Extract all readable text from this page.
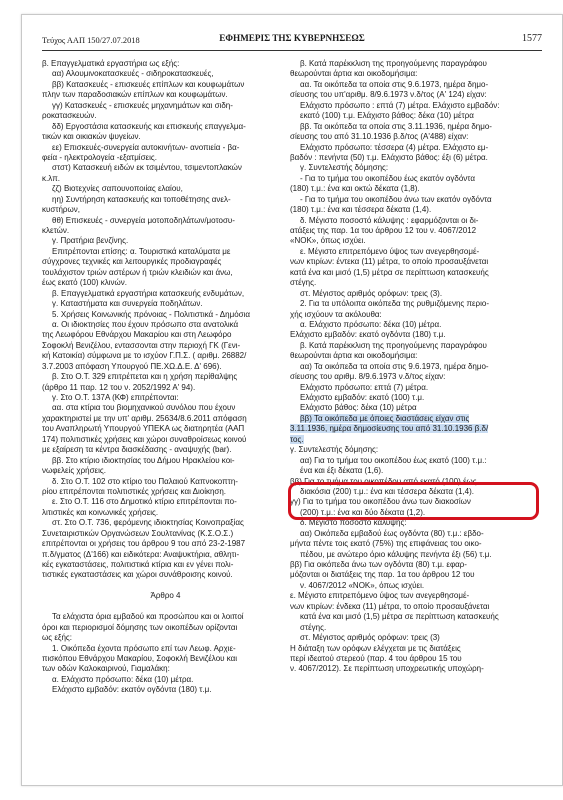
Τεύχος ΑΑΠ 150/27.07.2018	ΕΦΗΜΕΡΙΣ ΤΗΣ ΚΥΒΕΡΝΗΣΕΩΣ	1577
β. Επαγγελματικά εργαστήρια ως εξής:
αα) Αλουμινοκατασκευές - σιδηροκατασκευές,
ββ) Κατασκευές - επισκευές επίπλων και κουφωμάτων
πλην των παραδοσιακών επίπλων και κουφωμάτων.
γγ) Κατασκευές - επισκευές μηχανημάτων και σιδη-
ροκατασκευών.
δδ) Εργοστάσια κατασκευής και επισκευής επαγγελμα-
τικών και οικιακών ψυγείων.
εε) Επισκευές-συνεργεία αυτοκινήτων- ανοπιεία - βα-
φεία - ηλεκτρολογεία -εξατμίσεις.
στστ) Κατασκευή ειδών εκ τσιμέντου, τσιμεντοπλακών
κ.λπ.
ζζ) Βιοτεχνίες σαπουνοποιίας ελαίου,
ηη) Συντήρηση κατασκευής και τοποθέτησης ανελ-
κυστήρων,
θθ) Επισκευές - συνεργεία μοτοποδηλάτων/μοτοσυ-
κλετών.
γ. Πρατήρια βενζίνης.
Επιτρέπονται επίσης: α. Τουριστικά καταλύματα με
σύγχρονες τεχνικές και λειτουργικές προδιαγραφές
τουλάχιστον τριών αστέρων ή τριών κλειδιών και άνω,
έως εκατό (100) κλινών.
β. Επαγγελματικά εργαστήρια κατασκευής ενδυμάτων,
γ. Καταστήματα και συνεργεία ποδηλάτων.
5. Χρήσεις Κοινωνικής πρόνοιας - Πολιτιστικά - Δημόσια
α. Οι ιδιοκτησίες που έχουν πρόσωπο στα ανατολικά
της Λεωφόρου Εθνάρχου Μακαρίου και στη Λεωφόρο
Σοφοκλή Βενιζέλου, εντασσονται στην περιοχή ΓΚ (Γενι-
κή Κατοικία) σύμφωνα με το ισχύον Γ.Π.Σ. ( αριθμ. 26882/
3.7.2003 απόφαση Υπουργού ΠΕ.ΧΩ.Δ.Ε. Δ' 696).
β. Στο Ο.Τ. 329 επιτρέπεται και η χρήση περίθαλψης
(άρθρο 11 παρ. 12 του ν. 2052/1992 Α' 94).
γ. Στο Ο.Τ. 137Α (ΚΦ) επιτρέπονται:
αα. στα κτίρια του βιομηχανικού συνόλου που έχουν
χαρακτηριστεί με την υπ' αριθμ. 25634/8.6.2011 απόφαση
του Αναπληρωτή Υπουργού ΥΠΕΚΑ ως διατηρητέα (ΑΑΠ
174) πολιτιστικές χρήσεις και χώροι συναθροίσεως κοινού
με εξαίρεση τα κέντρα διασκέδασης - αναψυχής (bar).
ββ. Στο κτίριο ιδιοκτησίας του Δήμου Ηρακλείου κοι-
νωφελείς χρήσεις.
δ. Στο Ο.Τ. 102 στο κτίριο του Παλαιού Καπνοκοπτη-
ρίου επιτρέπονται πολιτιστικές χρήσεις και Διοίκηση.
ε. Στο Ο.Τ. 116 στο Δημοτικό κτίριο επιτρέπονται πο-
λιτιστικές και κοινωνικές χρήσεις.
στ. Στο Ο.Τ. 736, φερόμενης ιδιοκτησίας Κοινοπραξίας
Συνεταιριστικών Οργανώσεων Σουλτανίνας (Κ.Σ.Ο.Σ.)
επιτρέπονται οι χρήσεις του άρθρου 9 του από 23-2-1987
π.δ/γματος (Δ'166) και ειδικότερα: Αναψυκτήρια, αθλητι-
κές εγκαταστάσεις, πολιτιστικά κτίρια και εν γένει πολι-
τιστικές εγκαταστάσεις και χώροι συνάθροισης κοινού.
Άρθρο 4
Τα ελάχιστα όρια εμβαδού και προσώπου και οι λοιποί
όροι και περιορισμοί δόμησης των οικοπέδων ορίζονται
ως εξής:
1. Οικόπεδα έχοντα πρόσωπο επί των Λεωφ. Αρχιε-
πισκόπου Εθνάρχου Μακαρίου, Σοφοκλή Βενιζέλου και
των οδών Καλοκαιρινού, Γιαμαλάκη:
α. Ελάχιστο πρόσωπο: δέκα (10) μέτρα.
Ελάχιστο εμβαδόν: εκατόν ογδόντα (180) τ.μ.
β. Κατά παρέκκλιση της προηγούμενης παραγράφου
θεωρούνται άρτια και οικοδομήσιμα:
αα. Τα οικόπεδα τα οποία στις 9.6.1973, ημέρα δημο-
σίευσης του υπ'αριθμ. 8/9.6.1973 ν.δ/τος (Α' 124) είχαν:
Ελάχιστο πρόσωπο : επτά (7) μέτρα. Ελάχιστο εμβαδόν:
εκατό (100) τ.μ. Ελάχιστο βάθος: δέκα (10) μέτρα
ββ. Τα οικόπεδα τα οποία στις 3.11.1936, ημέρα δημο-
σίευσης του από 31.10.1936 β.δ/τος (Α'488) είχαν:
Ελάχιστο πρόσωπο: τέσσερα (4) μέτρα. Ελάχιστο εμ-
βαδόν : πενήντα (50) τ.μ. Ελάχιστο βάθος: έξι (6) μέτρα.
γ. Συντελεστής δόμησης:
- Για το τμήμα του οικοπέδου έως εκατόν ογδόντα
(180) τ.μ.: ένα και οκτώ δέκατα (1,8).
- Για το τμήμα του οικοπέδου άνω των εκατόν ογδόντα
(180) τ.μ.: ένα και τέσσερα δέκατα (1,4).
δ. Μέγιστο ποσοστό κάλυψης : εφαρμόζονται οι δι-
ατάξεις της παρ. 1α του άρθρου 12 του ν. 4067/2012
«ΝΟΚ», όπως ισχύει.
ε. Μέγιστο επιτρεπόμενο ύψος των ανεγερθησομέ-
νων κτιρίων: έντεκα (11) μέτρα, το οποίο προσαυξάνεται
κατά ένα και μισό (1,5) μέτρα σε περίπτωση κατασκευής
στέγης.
στ. Μέγιστος αριθμός ορόφων: τρεις (3).
2. Για τα υπόλοιπα οικόπεδα της ρυθμιζόμενης περιο-
χής ισχύουν τα ακόλουθα:
α. Ελάχιστο πρόσωπο: δέκα (10) μέτρα.
Ελάχιστο εμβαδόν: εκατό ογδόντα (180) τ.μ.
β. Κατά παρέκκλιση της προηγούμενης παραγράφου
θεωρούνται άρτια και οικοδομήσιμα:
αα) Τα οικόπεδα τα οποία στις 9.6.1973, ημέρα δημο-
σίευσης του αριθμ. 8/9.6.1973 ν.δ/τος είχαν:
Ελάχιστο πρόσωπο: επτά (7) μέτρα.
Ελάχιστο εμβαδόν: εκατό (100) τ.μ.
Ελάχιστο βάθος: δέκα (10) μέτρα
ββ) Τα οικόπεδα με όποιες διαστάσεις είχαν στις
3.11.1936, ημέρα δημοσίευσης του από 31.10.1936 β.δ/
τος.
γ. Συντελεστής δόμησης:
αα) Για το τμήμα του οικοπέδου έως εκατό (100) τ.μ.:
ένα και έξι δέκατα (1,6).
ββ) Για το τμήμα του οικοπέδου από εκατό (100) έως
διακόσια (200) τ.μ.: ένα και τέσσερα δέκατα (1,4).
γγ) Για το τμήμα του οικοπέδου άνω των διακοσίων
(200) τ.μ.: ένα και δύο δέκατα (1,2).
δ. Μέγιστο ποσοστό κάλυψης:
αα) Οικόπεδα εμβαδού έως ογδόντα (80) τ.μ.: εβδο-
μήντα πέντε τοις εκατό (75%) της επιφάνειας του οικο-
πέδου, με ανώτερο όριο κάλυψης πενήντα έξι (56) τ.μ.
ββ) Για οικόπεδα άνω των ογδόντα (80) τ.μ. εφαρ-
μόζονται οι διατάξεις της παρ. 1α του άρθρου 12 του
ν. 4067/2012 «ΝΟΚ», όπως ισχύει.
ε. Μέγιστο επιτρεπόμενο ύψος των ανεγερθησομέ-
νων κτιρίων: ένδεκα (11) μέτρα, το οποίο προσαυξάνεται
κατά ένα και μισό (1,5) μέτρα σε περίπτωση κατασκευής
στέγης.
στ. Μέγιστος αριθμός ορόφων: τρεις (3)
Η διάταξη των ορόφων ελέγχεται με τις διατάξεις
περί ιδεατού στερεού (παρ. 4 του άρθρου 15 του
ν. 4067/2012). Σε περίπτωση υποχρεωτικής υποχώρη-
